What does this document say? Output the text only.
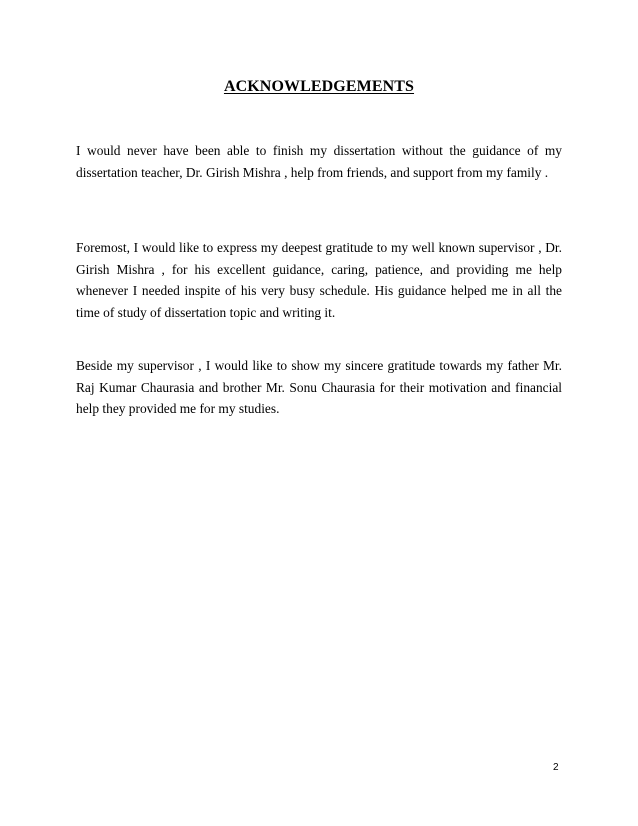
ACKNOWLEDGEMENTS

I would never have been able to finish my dissertation without the guidance of my dissertation teacher, Dr. Girish Mishra , help from friends, and support from my family .

Foremost, I would like to express my deepest gratitude to my well known supervisor , Dr. Girish Mishra , for his excellent guidance, caring, patience, and providing me help whenever I needed inspite of his very busy schedule. His guidance helped me in all the time of study of dissertation topic and writing it.

Beside my supervisor , I would like to show my sincere gratitude towards my father Mr. Raj Kumar Chaurasia and brother Mr. Sonu Chaurasia for their motivation and financial help they provided me for my studies.

2
